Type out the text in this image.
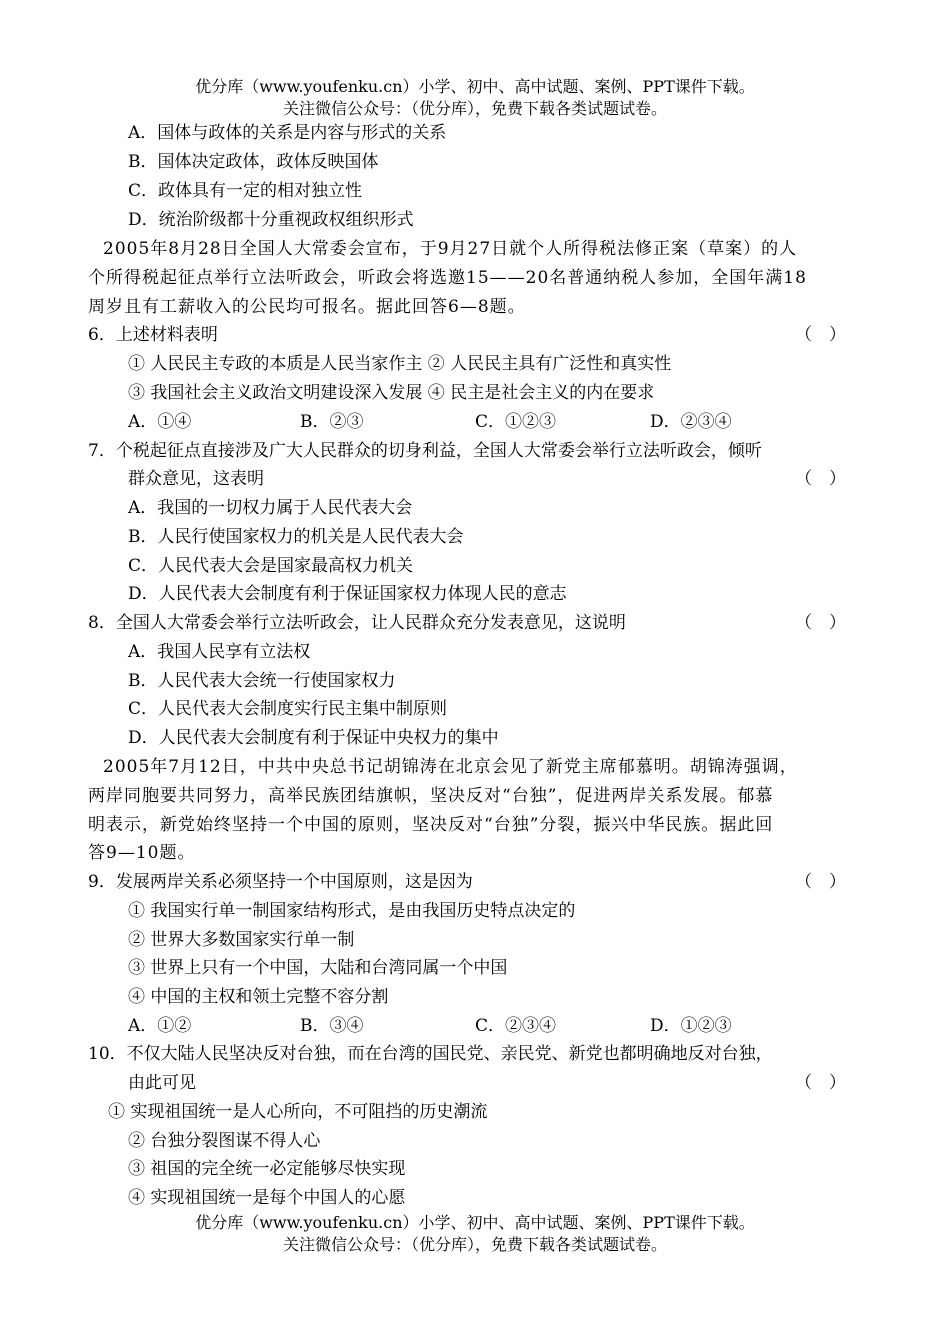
优分库（www.youfenku.cn）小学、初中、高中试题、案例、PPT课件下载。
关注微信公众号：（优分库），免费下载各类试题试卷。
A．国体与政体的关系是内容与形式的关系
B．国体决定政体，政体反映国体
C．政体具有一定的相对独立性
D．统治阶级都十分重视政权组织形式
2005年8月28日全国人大常委会宣布，于9月27日就个人所得税法修正案（草案）的人
个所得税起征点举行立法听政会，听政会将选邀15——20名普通纳税人参加，全国年满18
周岁且有工薪收入的公民均可报名。据此回答6—8题。
6．上述材料表明	（　）
① 人民民主专政的本质是人民当家作主 ② 人民民主具有广泛性和真实性
③ 我国社会主义政治文明建设深入发展 ④ 民主是社会主义的内在要求
A．①④	B．②③	C．①②③	D．②③④
7．个税起征点直接涉及广大人民群众的切身利益，全国人大常委会举行立法听政会，倾听
群众意见，这表明	（　）
A．我国的一切权力属于人民代表大会
B．人民行使国家权力的机关是人民代表大会
C．人民代表大会是国家最高权力机关
D．人民代表大会制度有利于保证国家权力体现人民的意志
8．全国人大常委会举行立法听政会，让人民群众充分发表意见，这说明	（　）
A．我国人民享有立法权
B．人民代表大会统一行使国家权力
C．人民代表大会制度实行民主集中制原则
D．人民代表大会制度有利于保证中央权力的集中
2005年7月12日，中共中央总书记胡锦涛在北京会见了新党主席郁慕明。胡锦涛强调，
两岸同胞要共同努力，高举民族团结旗帜，坚决反对“台独”，促进两岸关系发展。郁慕
明表示，新党始终坚持一个中国的原则，坚决反对“台独”分裂，振兴中华民族。据此回
答9—10题。
9．发展两岸关系必须坚持一个中国原则，这是因为	（　）
① 我国实行单一制国家结构形式，是由我国历史特点决定的
② 世界大多数国家实行单一制
③ 世界上只有一个中国，大陆和台湾同属一个中国
④ 中国的主权和领土完整不容分割
A．①②	B．③④	C．②③④	D．①②③
10．不仅大陆人民坚决反对台独，而在台湾的国民党、亲民党、新党也都明确地反对台独，
由此可见	（　）
① 实现祖国统一是人心所向，不可阻挡的历史潮流
② 台独分裂图谋不得人心
③ 祖国的完全统一必定能够尽快实现
④ 实现祖国统一是每个中国人的心愿
优分库（www.youfenku.cn）小学、初中、高中试题、案例、PPT课件下载。
关注微信公众号：（优分库），免费下载各类试题试卷。
